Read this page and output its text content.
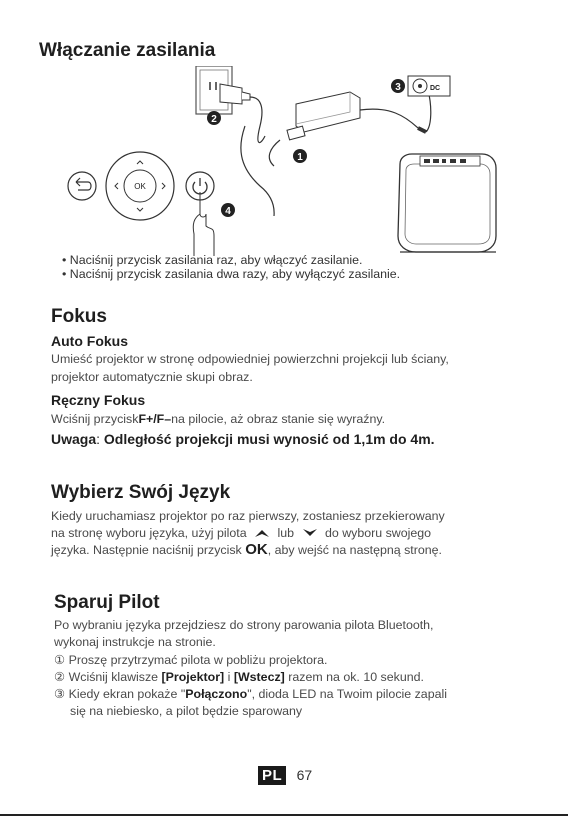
Włączanie zasilania
DC
3
2
1
4
OK
• Naciśnij przycisk zasilania raz, aby włączyć zasilanie.
• Naciśnij przycisk zasilania dwa razy, aby wyłączyć zasilanie.
Fokus
Auto Fokus
Umieść projektor w stronę odpowiedniej powierzchni projekcji lub ściany,
projektor automatycznie skupi obraz.
Ręczny Fokus
Wciśnij przyciskF+/F–na pilocie, aż obraz stanie się wyraźny.
Uwaga: Odległość projekcji musi wynosić od 1,1m do 4m.
Wybierz Swój Język
Kiedy uruchamiasz projektor po raz pierwszy, zostaniesz przekierowany
na stronę wyboru języka, użyj pilota lub do wyboru swojego
języka. Następnie naciśnij przycisk OK, aby wejść na następną stronę.
Sparuj Pilot
Po wybraniu języka przejdziesz do strony parowania pilota Bluetooth,
wykonaj instrukcje na stronie.
① Proszę przytrzymać pilota w pobliżu projektora.
② Wciśnij klawisze [Projektor] i [Wstecz] razem na ok. 10 sekund.
③ Kiedy ekran pokaże "Połączono", dioda LED na Twoim pilocie zapali
się na niebiesko, a pilot będzie sparowany
PL 67
